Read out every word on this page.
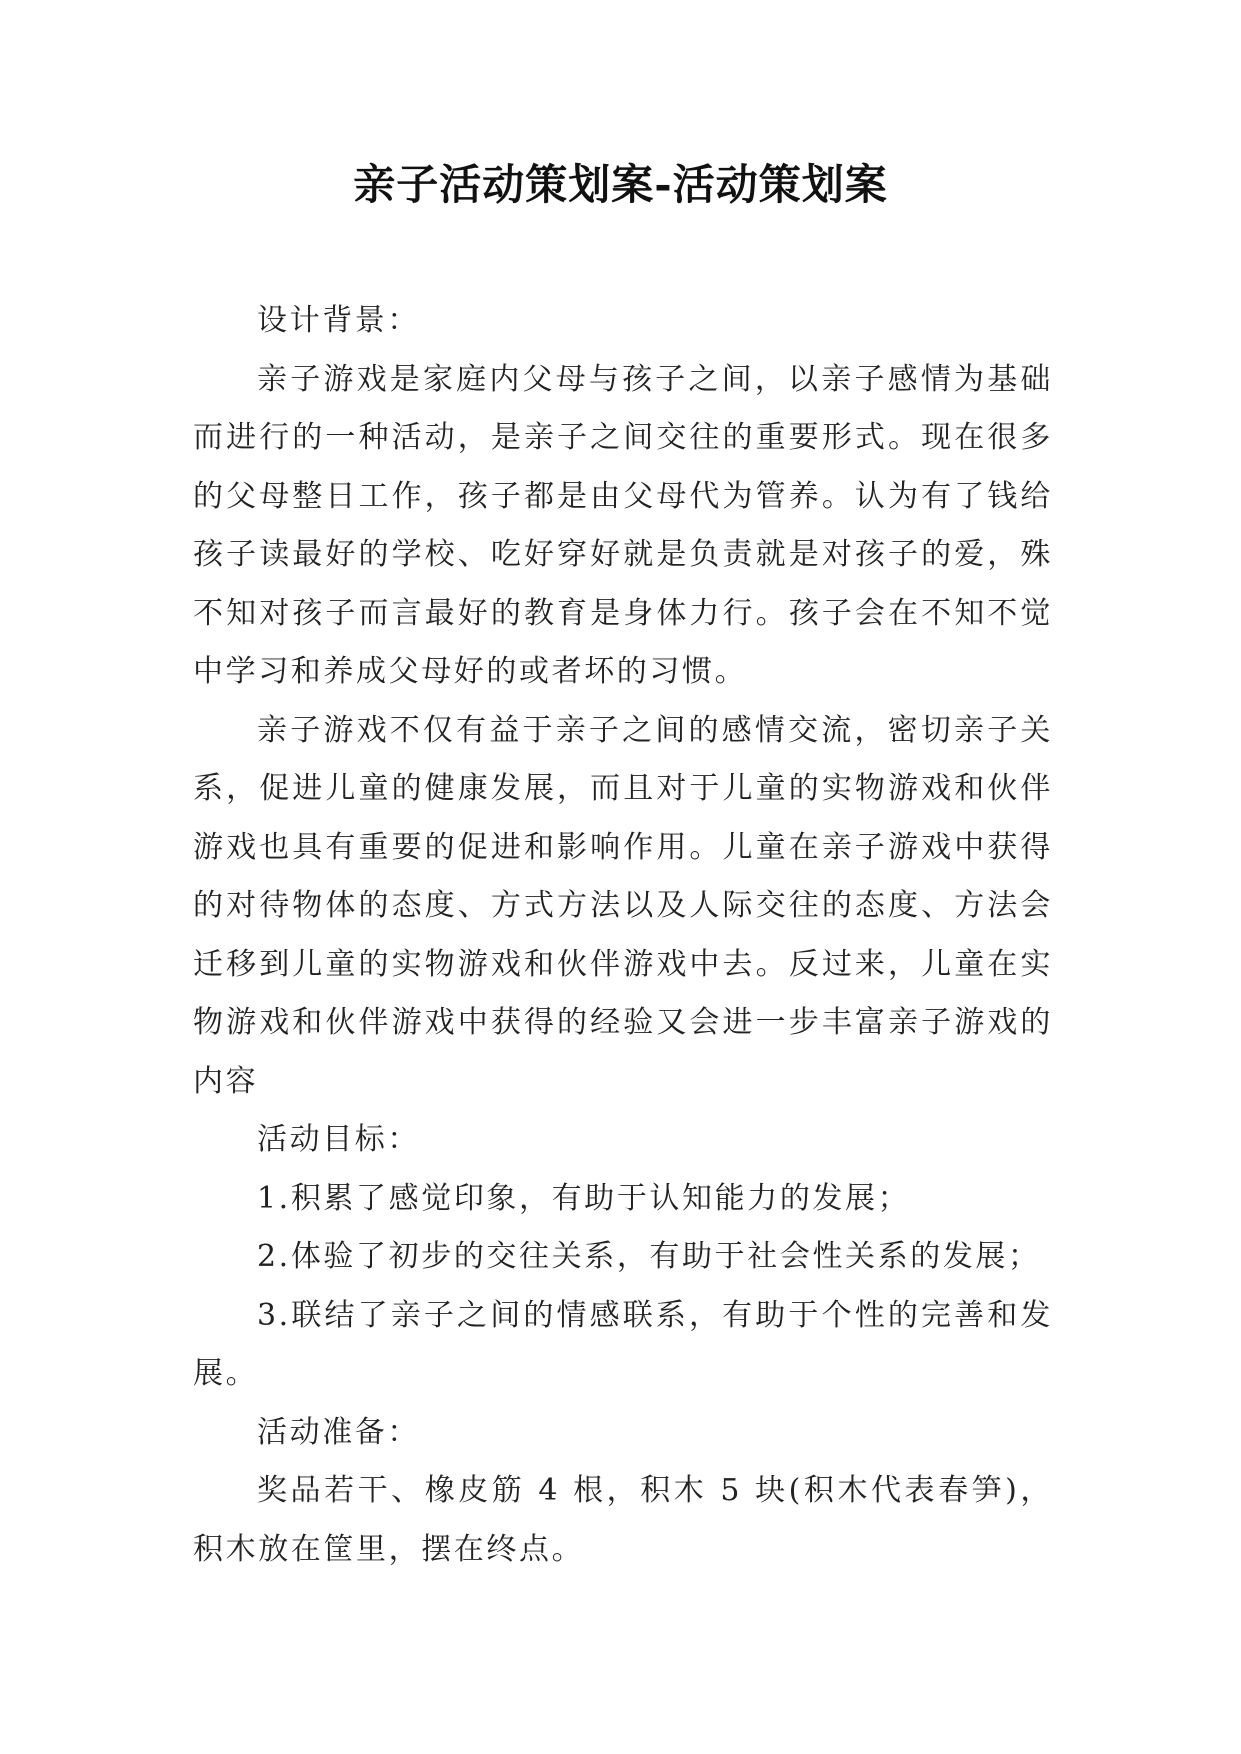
亲子活动策划案-活动策划案

设计背景：

亲子游戏是家庭内父母与孩子之间，以亲子感情为基础而进行的一种活动，是亲子之间交往的重要形式。现在很多的父母整日工作，孩子都是由父母代为管养。认为有了钱给孩子读最好的学校、吃好穿好就是负责就是对孩子的爱，殊不知对孩子而言最好的教育是身体力行。孩子会在不知不觉中学习和养成父母好的或者坏的习惯。

亲子游戏不仅有益于亲子之间的感情交流，密切亲子关系，促进儿童的健康发展，而且对于儿童的实物游戏和伙伴游戏也具有重要的促进和影响作用。儿童在亲子游戏中获得的对待物体的态度、方式方法以及人际交往的态度、方法会迁移到儿童的实物游戏和伙伴游戏中去。反过来，儿童在实物游戏和伙伴游戏中获得的经验又会进一步丰富亲子游戏的内容

活动目标：

1.积累了感觉印象，有助于认知能力的发展；

2.体验了初步的交往关系，有助于社会性关系的发展；

3.联结了亲子之间的情感联系，有助于个性的完善和发展。

活动准备：

奖品若干、橡皮筋 4 根，积木 5 块(积木代表春笋)，积木放在筐里，摆在终点。
